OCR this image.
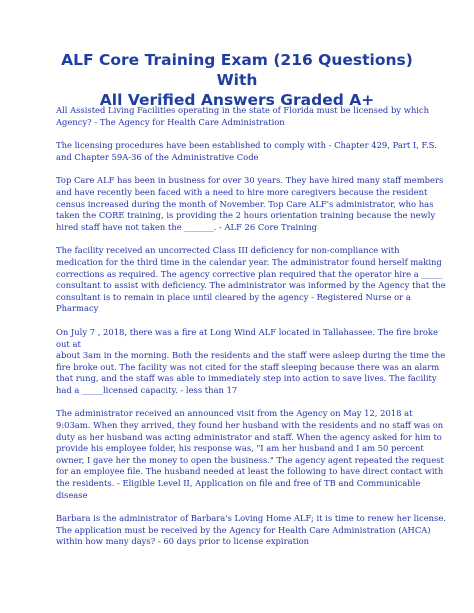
ALF Core Training Exam (216 Questions) With
All Verified Answers Graded A+

All Assisted Living Facilities operating in the state of Florida must be licensed by which
Agency? - The Agency for Health Care Administration

The licensing procedures have been established to comply with - Chapter 429, Part I, F.S.
and Chapter 59A-36 of the Administrative Code

Top Care ALF has been in business for over 30 years. They have hired many staff members
and have recently been faced with a need to hire more caregivers because the resident
census increased during the month of November. Top Care ALF's administrator, who has
taken the CORE training, is providing the 2 hours orientation training because the newly
hired staff have not taken the _______. - ALF 26 Core Training

The facility received an uncorrected Class III deficiency for non-compliance with
medication for the third time in the calendar year. The administrator found herself making
corrections as required. The agency corrective plan required that the operator hire a _____
consultant to assist with deficiency. The administrator was informed by the Agency that the
consultant is to remain in place until cleared by the agency - Registered Nurse or a
Pharmacy

On July 7 , 2018, there was a fire at Long Wind ALF located in Tallahassee. The fire broke
out at
about 3am in the morning. Both the residents and the staff were asleep during the time the
fire broke out. The facility was not cited for the staff sleeping because there was an alarm
that rung, and the staff was able to immediately step into action to save lives. The facility
had a _____licensed capacity. - less than 17

The administrator received an announced visit from the Agency on May 12, 2018 at
9:03am. When they arrived, they found her husband with the residents and no staff was on
duty as her husband was acting administrator and staff. When the agency asked for him to
provide his employee folder, his response was, "I am her husband and I am 50 percent
owner, I gave her the money to open the business." The agency agent repeated the request
for an employee file. The husband needed at least the following to have direct contact with
the residents. - Eligible Level II, Application on file and free of TB and Communicable
disease

Barbara is the administrator of Barbara's Loving Home ALF; it is time to renew her license.
The application must be received by the Agency for Health Care Administration (AHCA)
within how many days? - 60 days prior to license expiration
